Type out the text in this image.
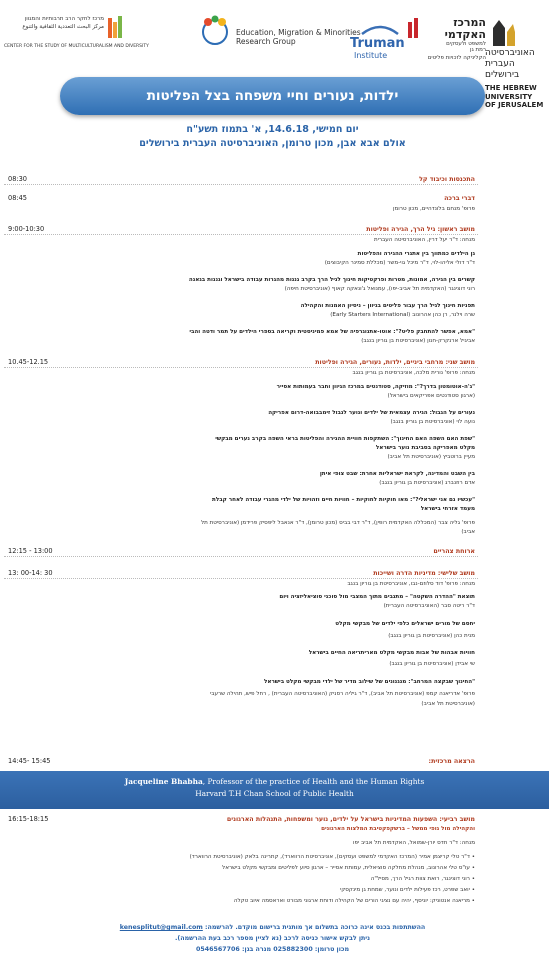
מרכז לחקר הרב תרבותיות והמגוון
مركز البحث التعددية الثقافية والتنوع
CENTER FOR THE STUDY OF MULTICULTURALISM AND DIVERSITY
Education, Migration & Minorities
Research Group	Truman
Institute
המרכז
האקדמי
למשפט ולעסקים
רמת גן
הקליניקה לזכויות פליטים האוניברסיטה
העברית
בירושלים
THE HEBREW
UNIVERSITY
OF JERUSALEM
ילדות, נעורים וחיי משפחה בצל הפליטות
יום חמישי, 14.6.18, א' בתמוז תשע"ח
אולם אבא אבן, מכון טרומן, האוניברסיטה העברית בירושלים
התכנסות וכיבוד קל
08:30
דברי ברכה
08:45
פרופ' מנחם בלונדהיים, מכון טרומן
מושב ראשון: גיל הרך, הגירה ופליטות
9:00-10:30
מנחה: ד"ר יעל דרין, האוניברסיטה העברית
גן הילדים כמתווך בין אתגרי ההגירה והפליטות
ד"ר דולי אליהו-לוי, ד"ר מיכל גוי-משר (מכללת סמינר הקיבוצים)
קשרים בין הגירה, אמונות, מטרות ופרקטיקות חינוך לגיל הרך בקרב גננות מהגרות עבודה בישראל וגננות בגאנה
רוני דוצינגר (האקדמית תל אביב-יפו), עמנואל ג'ונאקה קאוף (אוניברסיטת חיפה)
תפניות חינוך לגיל הרך עבור פליטים בגיוון – ניסיון האמנות והקהילה
שרה וילנר, רן כהן אהרונוב (Early Starters International)
"אמא, אפשר להתחבק פליט?": אוטו-אתנוגרפיה של אמא פמיניסטית וקריאה בספרי הילדים על תמר ודטה והבי
אביגיל ארנקרק-חנון (אוניברסיטת בן גוריון בנגב)
מושב שני: מרחבי ביניים, ילדות, נעורים, הגירה ופליטות
10.45-12.15
מנחה: פרופ' נורית מלכה, אוניברסיטת בן גוריון בנגב
"ג'ה-אוטומטון בדרך?": מוזיקה, סטודנטים במרכז הגיוון וחבר בעמותות אסייר
(ארגון סטודנטים אפריקאים בישראל)
נעורים על הגבול: הגירה עצמאית של ילדים ונוער לגבול זימבבואה-דרום אפריקה
נועה לוי (אוניברסיטת בן גוריון בנגב)
"שפת האם השפה האם החינוך": השתקפות חוויית ההגירה והפליטות בראי השפה בקרב נערים מבקשי
מקלט מאפריקה בסביבת נוער בישראל
מעיין ברוטביץ (אוניברסיטת תל אביב)
בין השבט והמדינה, לקראת ישראליות אחרת: שבט צופי איתן
אדם רוזנברג (אוניברסיטת בן גוריון בנגב)
"עכשיו גם אני ישראלי?": מאו חוקיות לחוקיות – חוויות חיים וזהויות של ילדי מהגרי עבודה לאחר קבלת
מעמד אזרחי בישראל
פרופ' גליה צבר (המכללה האקדמית רופין), ד"ר דבי בביס (מכון טרומן), ד"ר אנאבל ליפסיק פרידמן (אוניברסיטת תל
אביב)
ארוחת צהריים
12:15 - 13:00
מושב שלישי: מדיניות הדרה ושייכות
13: 00-14: 30
מנחה: פרופ' דוד סלוזם-נבו, אוניברסיטת בן גוריון בנגב
תוצאת "ההדרה השקטה" – מתגבים מתוך המצבי מול סוכני סוציאליזציה ויום
ד"ר ריטה סבר (האוניברסיטה העברית)
יחסם של מורים ישראלים כלפי ילדים של מבקשי מקלט
מנית כהן (אוניברסיטת בן גוריון בנגב)
חוויות אבהות של אבות מבקשי מקלט מאריתריאה החיים בישראל
שי אבידן (אוניברסיטת בן גוריון בנגב)
"החינוך שבקצה המרחב": מנגנונים של שילוב מדיר של ילדי מבקשי מקלט בישראל
פרופ' אדריאנה קמפ (אוניברסיטת תל אביב), ד"ר גיליה רסניק (האוניברסיטה העברית) , רחל פיש, תהילה שרעבי
(אוניברסיטת תל אביב)
הרצאה מרכזית:
14:45- 15:45
Jacqueline Bhabha, Professor of the practice of Health and the Human Rights
Harvard T.H Chan School of Public Health
מושב רביעי: השפעות המדיניות בישראל על ילדים, נוער ומשפחות, התנהלות הארגונים
16:15-18:15
והקהילה מול גופי ממשל – ברשקפקטיבת המלצות הארגונים
מנחה: ד"ר חדס יורן-שמואל, האקדמית תל אביב יפו
• ד"ר טלי קריצמן אמיר (המרכז האקדמי למשפט ועסקים), אוניברסיטת הרווארד), קתרינה בלאק (אוניברסיטת הרווארד)
• עו"ס טלי אהרונוב, מנהלת מחלקה סוציאלית, עמותת אסייר – ארגון סיוע לפליטים ומבקשי מקלט בישראל
• רוני דוצינגר, רואת צוות רגיל הרך, מסיל"ה
• יואב שפרט, רכז פעילות ילדים ונוער, שמחת גן מינקסקי
• מריאנה אנטוניק: יוניסף, יהיה עם נציגי הורים של הקהילה ודוחת ארגוני מבורט ואראסמה איוב טקלה
ההשתתפות בכנס אינה כרוכה בתשלום אך מותנית ברישום מוקדם. להרשמה: kenesplitut@gmail.com
ניתן לבקש אישור כניסה לרכב (נא לציין מספר רכב בעת ההרשמה).
מכון טרומן: 025882300 מנרה בגן: 0546567706
